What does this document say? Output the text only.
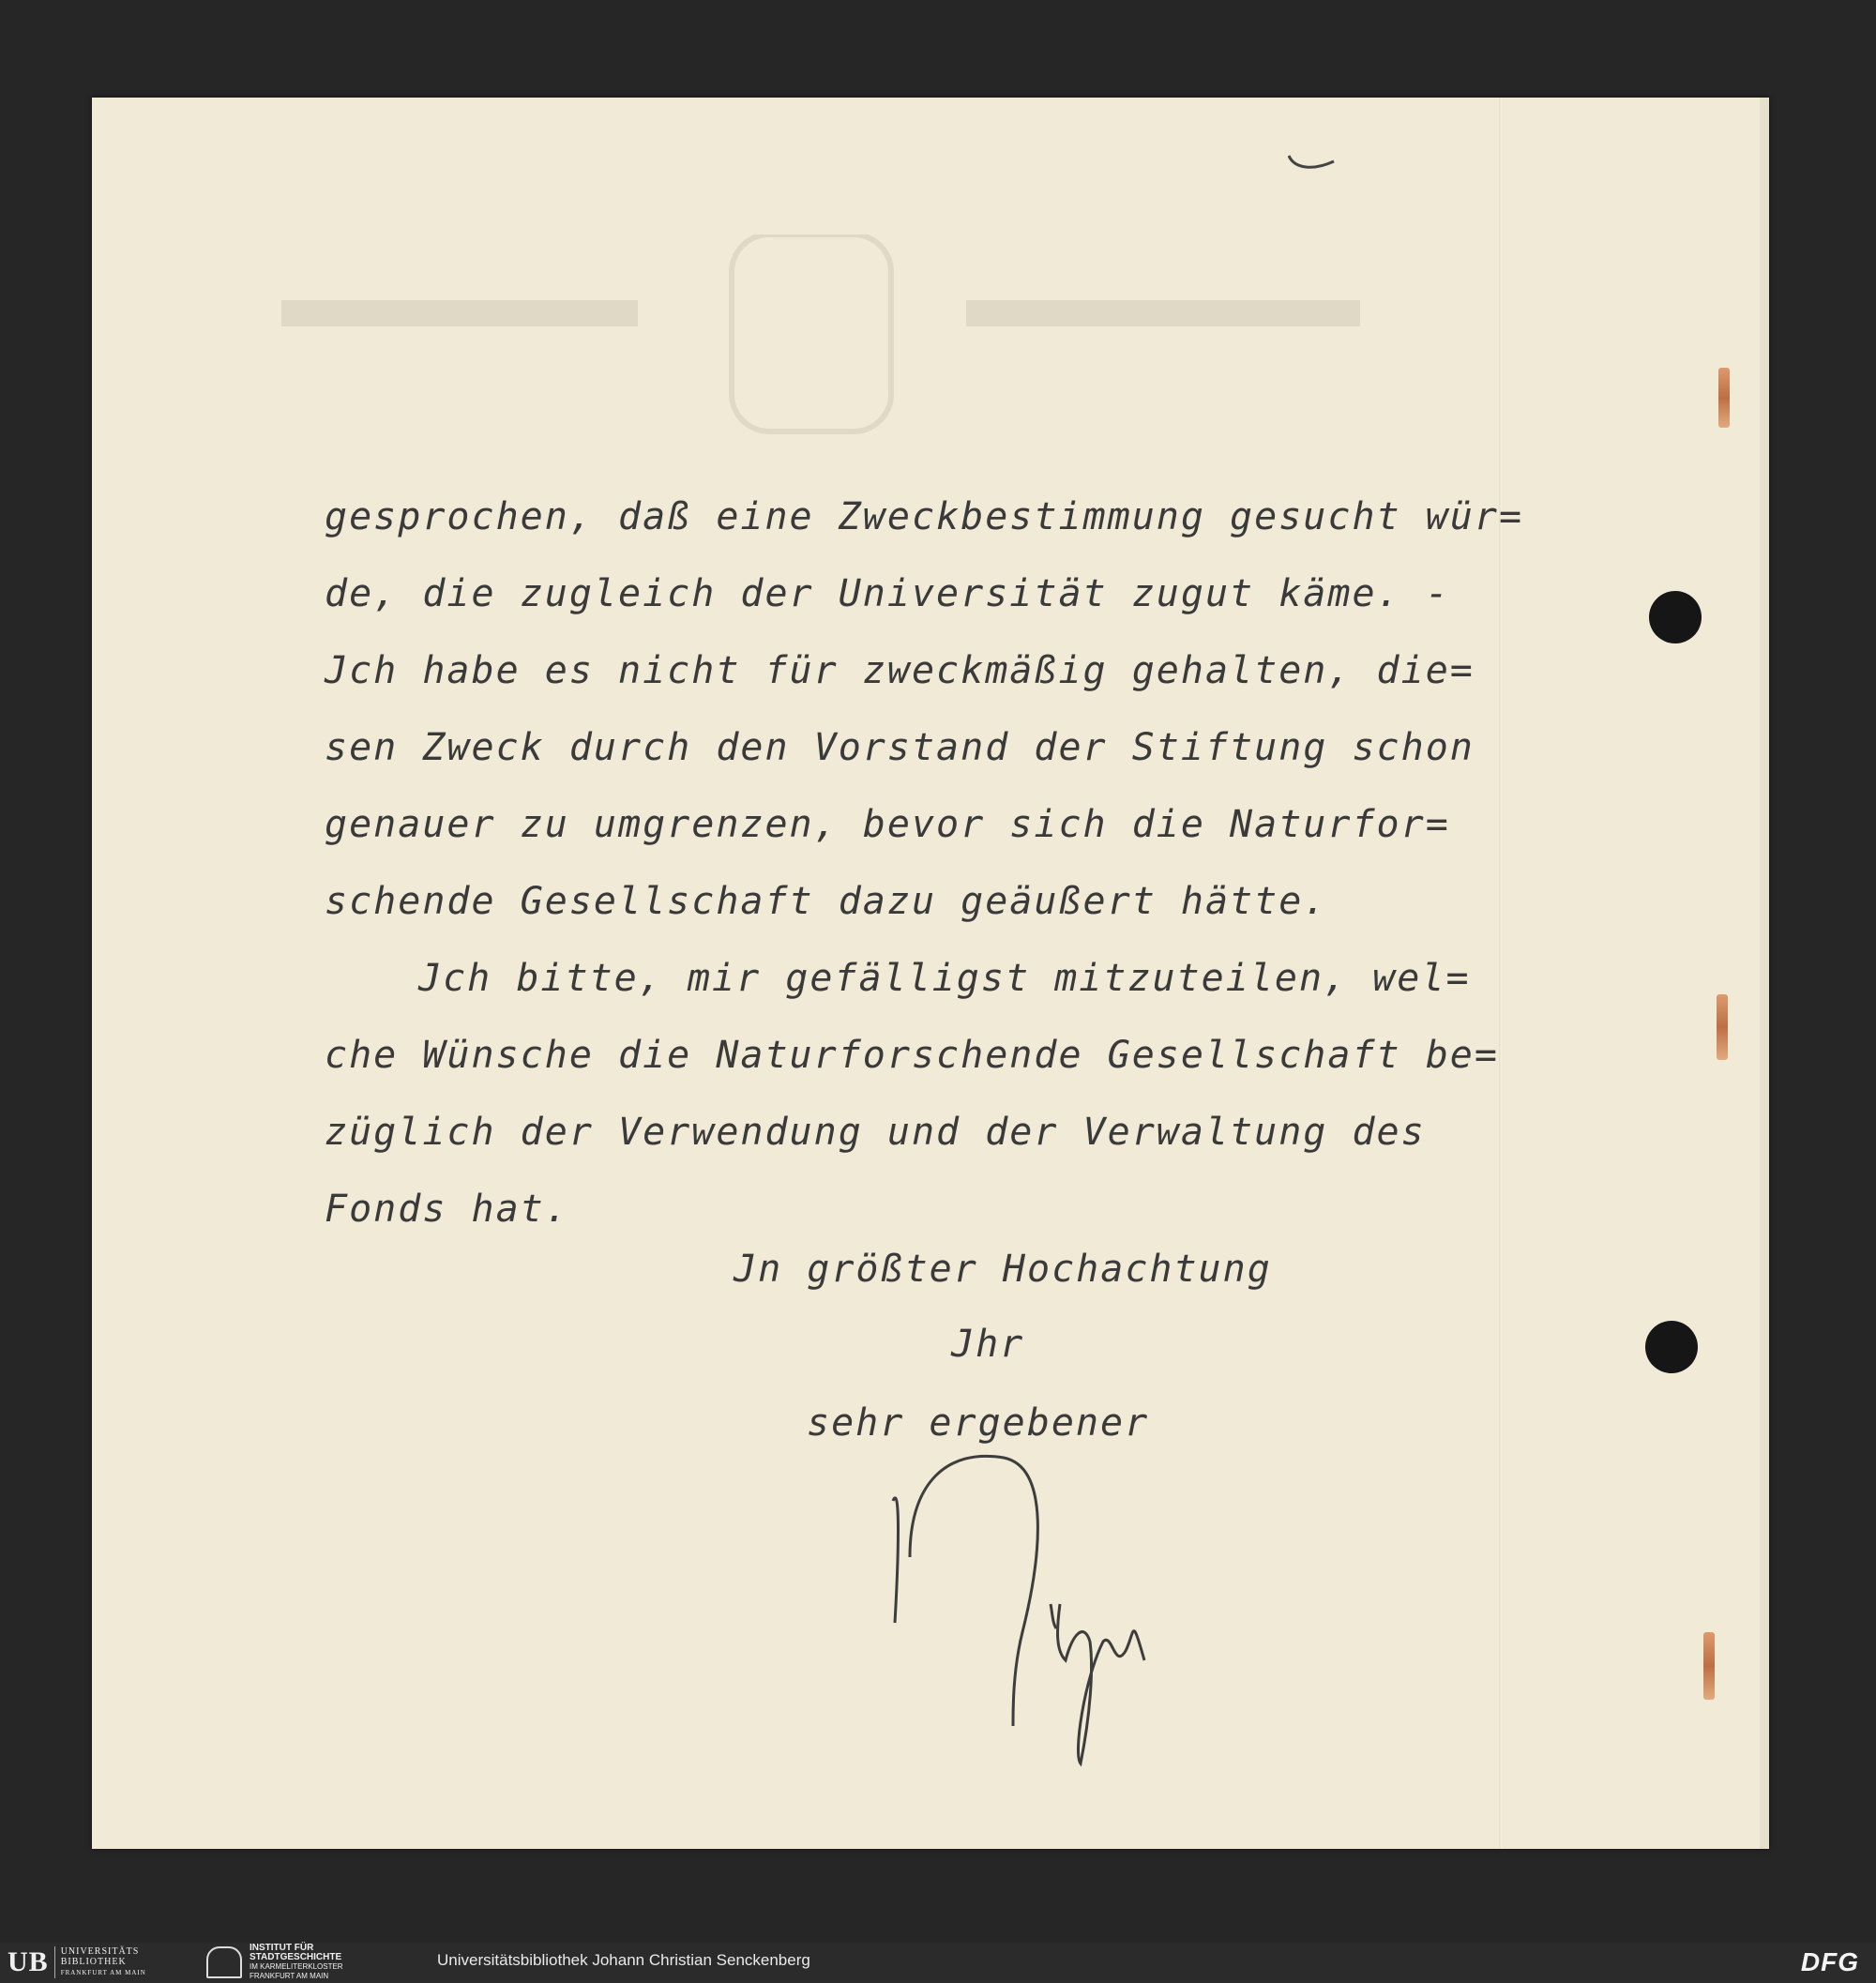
gesprochen, daß eine Zweckbestimmung gesucht wür=
de, die zugleich der Universität zugut käme. -
Jch habe es nicht für zweckmäßig gehalten, die=
sen Zweck durch den Vorstand der Stiftung schon
genauer zu umgrenzen, bevor sich die Naturfor=
schende Gesellschaft dazu geäußert hätte.
Jch bitte, mir gefälligst mitzuteilen, wel=
che Wünsche die Naturforschende Gesellschaft be=
züglich der Verwendung und der Verwaltung des
Fonds hat.
Jn größter Hochachtung
Jhr
sehr ergebener
UB	UNIVERSITÄTS
BIBLIOTHEK
FRANKFURT AM MAIN
INSTITUT FÜR
STADTGESCHICHTE
IM KARMELITERKLOSTER
FRANKFURT AM MAIN
Universitätsbibliothek Johann Christian Senckenberg	DFG
